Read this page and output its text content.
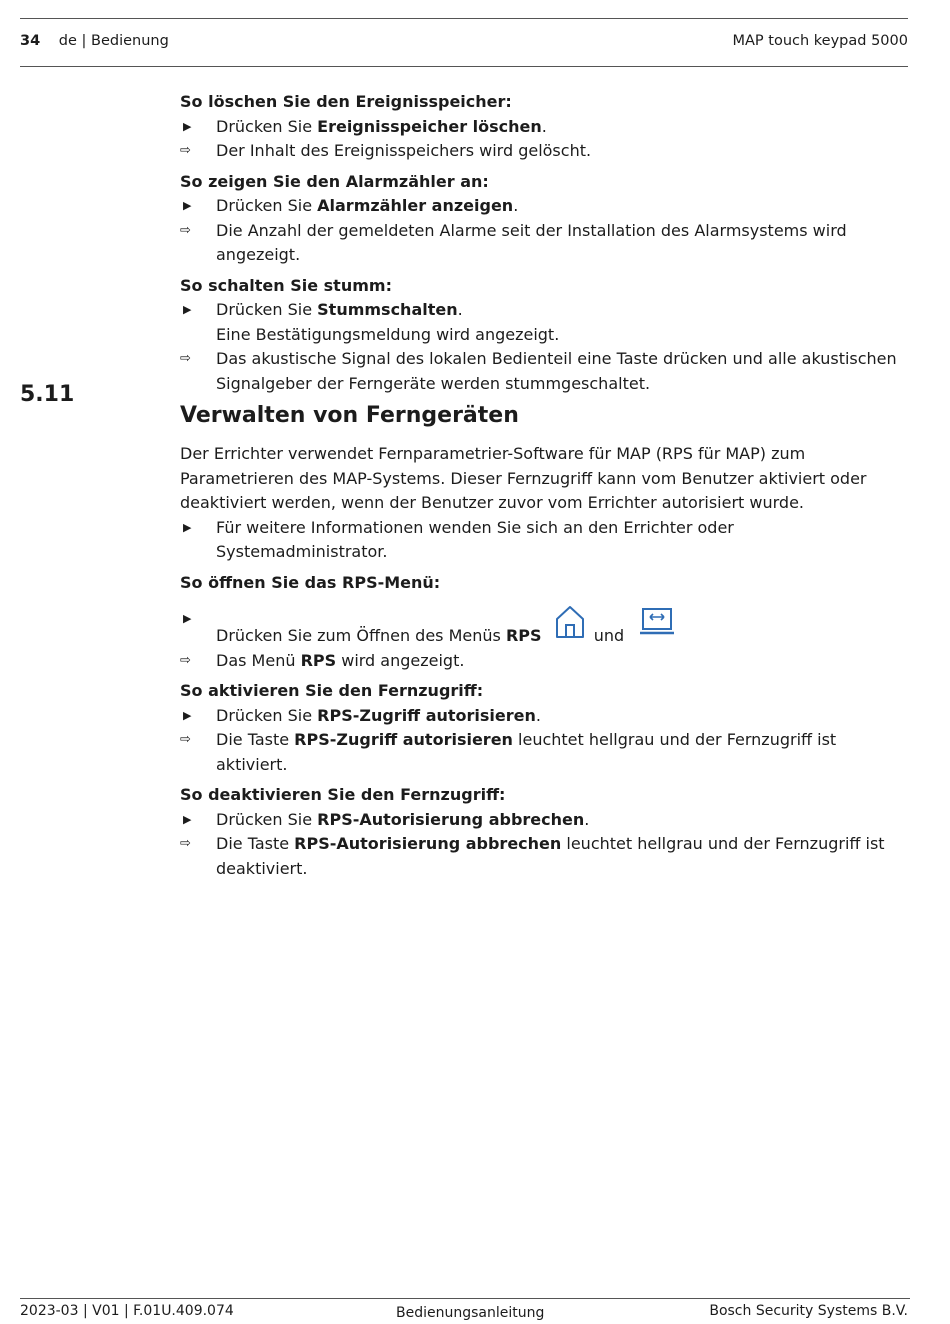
34 de | Bedienung	MAP touch keypad 5000
5.11
So löschen Sie den Ereignisspeicher:
▶	Drücken Sie Ereignisspeicher löschen.
⇨	Der Inhalt des Ereignisspeichers wird gelöscht.
So zeigen Sie den Alarmzähler an:
▶	Drücken Sie Alarmzähler anzeigen.
⇨	Die Anzahl der gemeldeten Alarme seit der Installation des Alarmsystems wird angezeigt.
So schalten Sie stumm:
▶	Drücken Sie Stummschalten.
Eine Bestätigungsmeldung wird angezeigt.
⇨	Das akustische Signal des lokalen Bedienteil eine Taste drücken und alle akustischen Signalgeber der Ferngeräte werden stummgeschaltet.
Verwalten von Ferngeräten

Der Errichter verwendet Fernparametrier-Software für MAP (RPS für MAP) zum Parametrieren des MAP-Systems. Dieser Fernzugriff kann vom Benutzer aktiviert oder deaktiviert werden, wenn der Benutzer zuvor vom Errichter autorisiert wurde.

▶	Für weitere Informationen wenden Sie sich an den Errichter oder Systemadministrator.
So öffnen Sie das RPS-Menü:
▶
Drücken Sie zum Öffnen des Menüs RPS	und
⇨	Das Menü RPS wird angezeigt.
So aktivieren Sie den Fernzugriff:
▶	Drücken Sie RPS-Zugriff autorisieren.
⇨	Die Taste RPS-Zugriff autorisieren leuchtet hellgrau und der Fernzugriff ist aktiviert.
So deaktivieren Sie den Fernzugriff:
▶	Drücken Sie RPS-Autorisierung abbrechen.
⇨	Die Taste RPS-Autorisierung abbrechen leuchtet hellgrau und der Fernzugriff ist deaktiviert.
2023-03 | V01 | F.01U.409.074	Bedienungsanleitung	Bosch Security Systems B.V.
